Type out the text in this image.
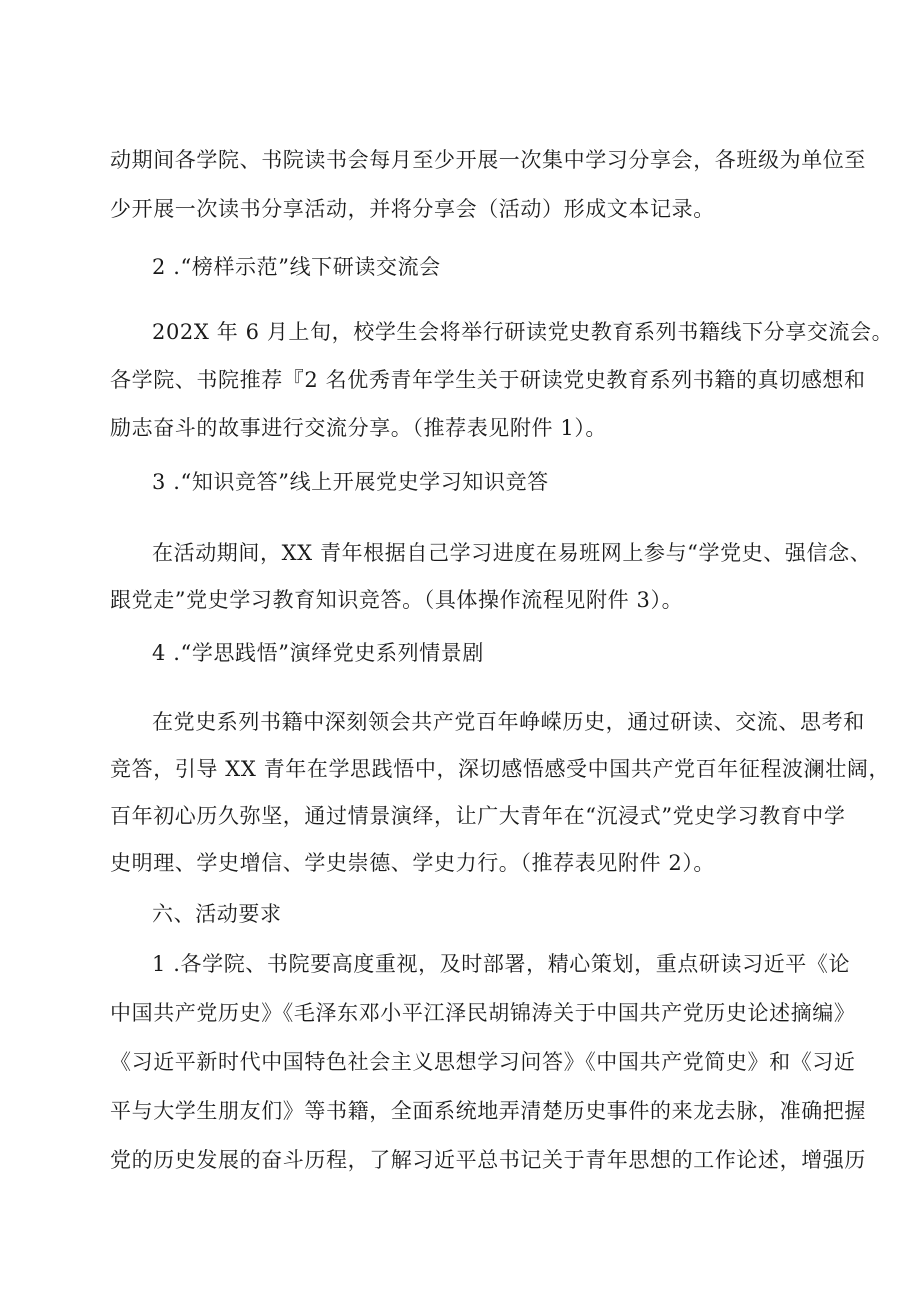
动期间各学院、书院读书会每月至少开展一次集中学习分享会，各班级为单位至
少开展一次读书分享活动，并将分享会（活动）形成文本记录。
2 .“榜样示范”线下研读交流会
202X 年 6 月上旬，校学生会将举行研读党史教育系列书籍线下分享交流会。
各学院、书院推荐『2 名优秀青年学生关于研读党史教育系列书籍的真切感想和
励志奋斗的故事进行交流分享。（推荐表见附件 1）。
3 .“知识竞答”线上开展党史学习知识竞答
在活动期间，XX 青年根据自己学习进度在易班网上参与“学党史、强信念、
跟党走”党史学习教育知识竞答。（具体操作流程见附件 3）。
4 .“学思践悟”演绎党史系列情景剧
在党史系列书籍中深刻领会共产党百年峥嵘历史，通过研读、交流、思考和
竞答，引导 XX 青年在学思践悟中，深切感悟感受中国共产党百年征程波澜壮阔，
百年初心历久弥坚，通过情景演绎，让广大青年在“沉浸式”党史学习教育中学
史明理、学史增信、学史崇德、学史力行。（推荐表见附件 2）。
六、活动要求
1 .各学院、书院要高度重视，及时部署，精心策划，重点研读习近平《论
中国共产党历史》《毛泽东邓小平江泽民胡锦涛关于中国共产党历史论述摘编》
《习近平新时代中国特色社会主义思想学习问答》《中国共产党简史》和《习近
平与大学生朋友们》等书籍，全面系统地弄清楚历史事件的来龙去脉，准确把握
党的历史发展的奋斗历程，了解习近平总书记关于青年思想的工作论述，增强历
